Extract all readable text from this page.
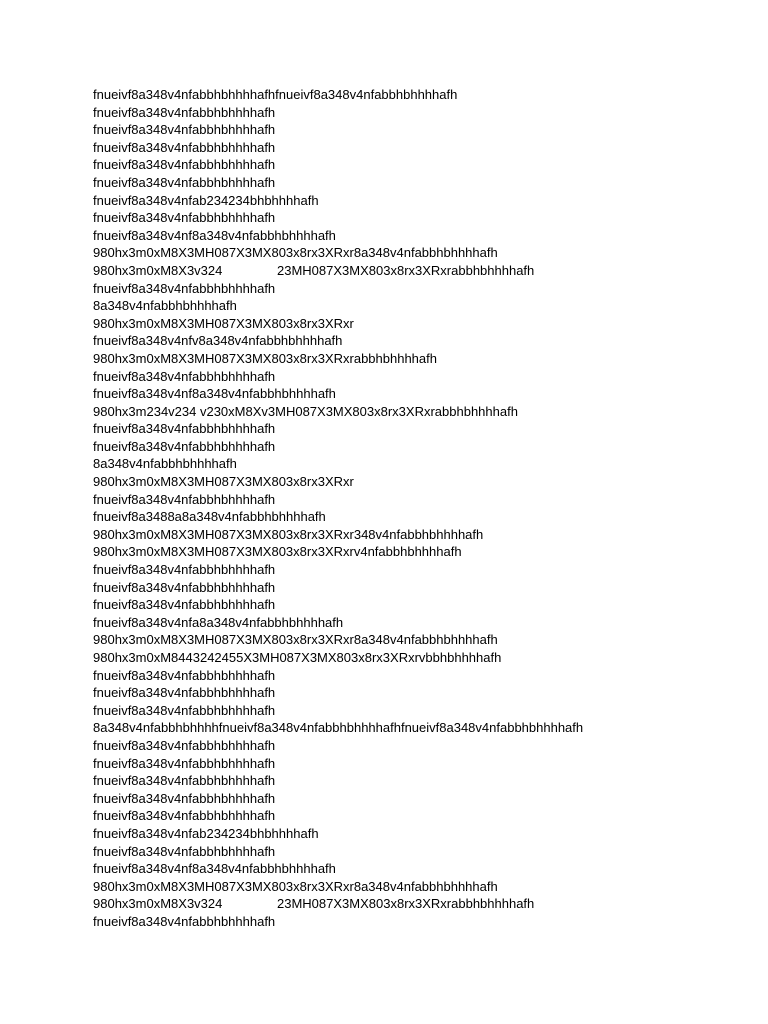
fnueivf8a348v4nfabbhbhhhhafhfnueivf8a348v4nfabbhbhhhhafh
fnueivf8a348v4nfabbhbhhhhafh
fnueivf8a348v4nfabbhbhhhhafh
fnueivf8a348v4nfabbhbhhhhafh
fnueivf8a348v4nfabbhbhhhhafh
fnueivf8a348v4nfabbhbhhhhafh
fnueivf8a348v4nfab234234bhbhhhhafh
fnueivf8a348v4nfabbhbhhhhafh
fnueivf8a348v4nf8a348v4nfabbhbhhhhafh
980hx3m0xM8X3MH087X3MX803x8rx3XRxr8a348v4nfabbhbhhhhafh
980hx3m0xM8X3v324	23MH087X3MX803x8rx3XRxrabbhbhhhhafh
fnueivf8a348v4nfabbhbhhhhafh
8a348v4nfabbhbhhhhafh
980hx3m0xM8X3MH087X3MX803x8rx3XRxr
fnueivf8a348v4nfv8a348v4nfabbhbhhhhafh
980hx3m0xM8X3MH087X3MX803x8rx3XRxrabbhbhhhhafh
fnueivf8a348v4nfabbhbhhhhafh
fnueivf8a348v4nf8a348v4nfabbhbhhhhafh
980hx3m234v234 v230xM8Xv3MH087X3MX803x8rx3XRxrabbhbhhhhafh
fnueivf8a348v4nfabbhbhhhhafh
fnueivf8a348v4nfabbhbhhhhafh
8a348v4nfabbhbhhhhafh
980hx3m0xM8X3MH087X3MX803x8rx3XRxr
fnueivf8a348v4nfabbhbhhhhafh
fnueivf8a3488a8a348v4nfabbhbhhhhafh
980hx3m0xM8X3MH087X3MX803x8rx3XRxr348v4nfabbhbhhhhafh
980hx3m0xM8X3MH087X3MX803x8rx3XRxrv4nfabbhbhhhhafh
fnueivf8a348v4nfabbhbhhhhafh
fnueivf8a348v4nfabbhbhhhhafh
fnueivf8a348v4nfabbhbhhhhafh
fnueivf8a348v4nfa8a348v4nfabbhbhhhhafh
980hx3m0xM8X3MH087X3MX803x8rx3XRxr8a348v4nfabbhbhhhhafh
980hx3m0xM8443242455X3MH087X3MX803x8rx3XRxrvbbhbhhhhafh
fnueivf8a348v4nfabbhbhhhhafh
fnueivf8a348v4nfabbhbhhhhafh
fnueivf8a348v4nfabbhbhhhhafh
8a348v4nfabbhbhhhhfnueivf8a348v4nfabbhbhhhhafhfnueivf8a348v4nfabbhbhhhhafh
fnueivf8a348v4nfabbhbhhhhafh
fnueivf8a348v4nfabbhbhhhhafh
fnueivf8a348v4nfabbhbhhhhafh
fnueivf8a348v4nfabbhbhhhhafh
fnueivf8a348v4nfabbhbhhhhafh
fnueivf8a348v4nfab234234bhbhhhhafh
fnueivf8a348v4nfabbhbhhhhafh
fnueivf8a348v4nf8a348v4nfabbhbhhhhafh
980hx3m0xM8X3MH087X3MX803x8rx3XRxr8a348v4nfabbhbhhhhafh
980hx3m0xM8X3v324	23MH087X3MX803x8rx3XRxrabbhbhhhhafh
fnueivf8a348v4nfabbhbhhhhafh
